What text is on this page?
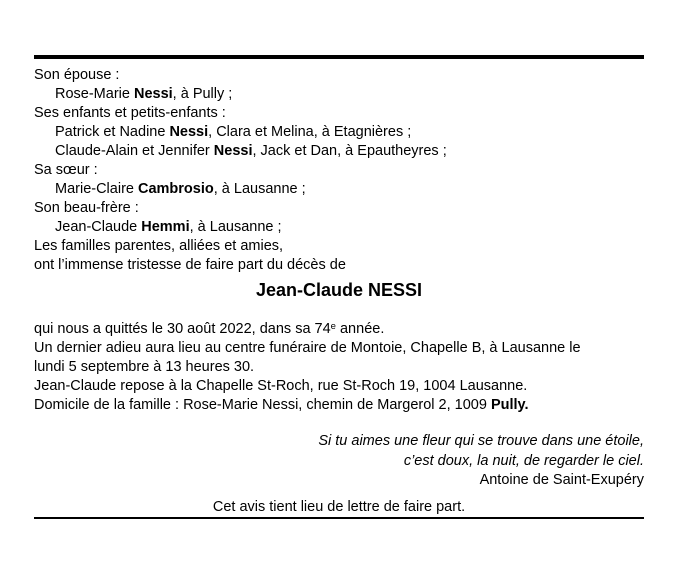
Son épouse :
Rose-Marie Nessi, à Pully ;
Ses enfants et petits-enfants :
Patrick et Nadine Nessi, Clara et Melina, à Etagnières ;
Claude-Alain et Jennifer Nessi, Jack et Dan, à Epautheyres ;
Sa sœur :
Marie-Claire Cambrosio, à Lausanne ;
Son beau-frère :
Jean-Claude Hemmi, à Lausanne ;
Les familles parentes, alliées et amies,
ont l’immense tristesse de faire part du décès de
Jean-Claude NESSI
qui nous a quittés le 30 août 2022, dans sa 74e année.
Un dernier adieu aura lieu au centre funéraire de Montoie, Chapelle B, à Lausanne le
lundi 5 septembre à 13 heures 30.
Jean-Claude repose à la Chapelle St-Roch, rue St-Roch 19, 1004 Lausanne.
Domicile de la famille : Rose-Marie Nessi, chemin de Margerol 2, 1009 Pully.
Si tu aimes une fleur qui se trouve dans une étoile,
c’est doux, la nuit, de regarder le ciel.
Antoine de Saint-Exupéry
Cet avis tient lieu de lettre de faire part.
